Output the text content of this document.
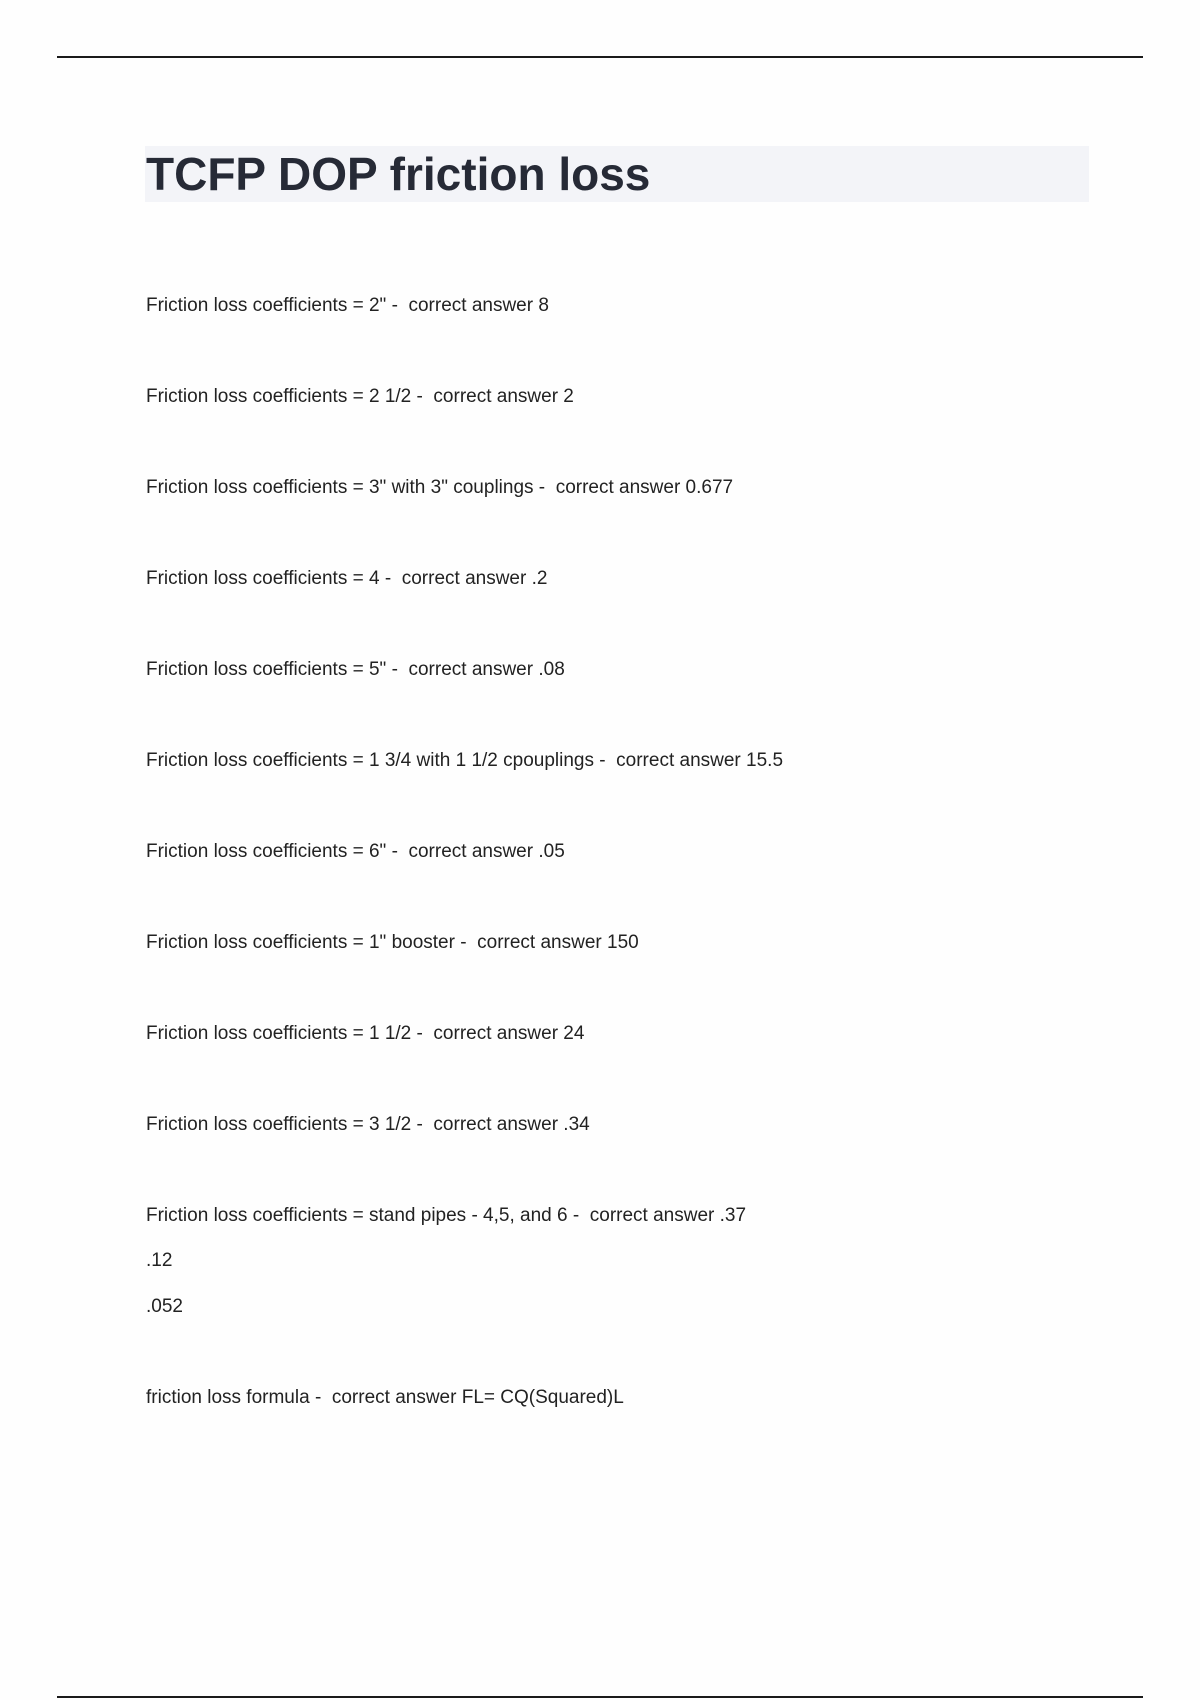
TCFP DOP friction loss

Friction loss coefficients = 2" - correct answer 8

Friction loss coefficients = 2 1/2 - correct answer 2

Friction loss coefficients = 3" with 3" couplings - correct answer 0.677

Friction loss coefficients = 4 - correct answer .2

Friction loss coefficients = 5" - correct answer .08

Friction loss coefficients = 1 3/4 with 1 1/2 cpouplings - correct answer 15.5

Friction loss coefficients = 6" - correct answer .05

Friction loss coefficients = 1" booster - correct answer 150

Friction loss coefficients = 1 1/2 - correct answer 24

Friction loss coefficients = 3 1/2 - correct answer .34

Friction loss coefficients = stand pipes - 4,5, and 6 - correct answer .37

.12

.052

friction loss formula - correct answer FL= CQ(Squared)L
